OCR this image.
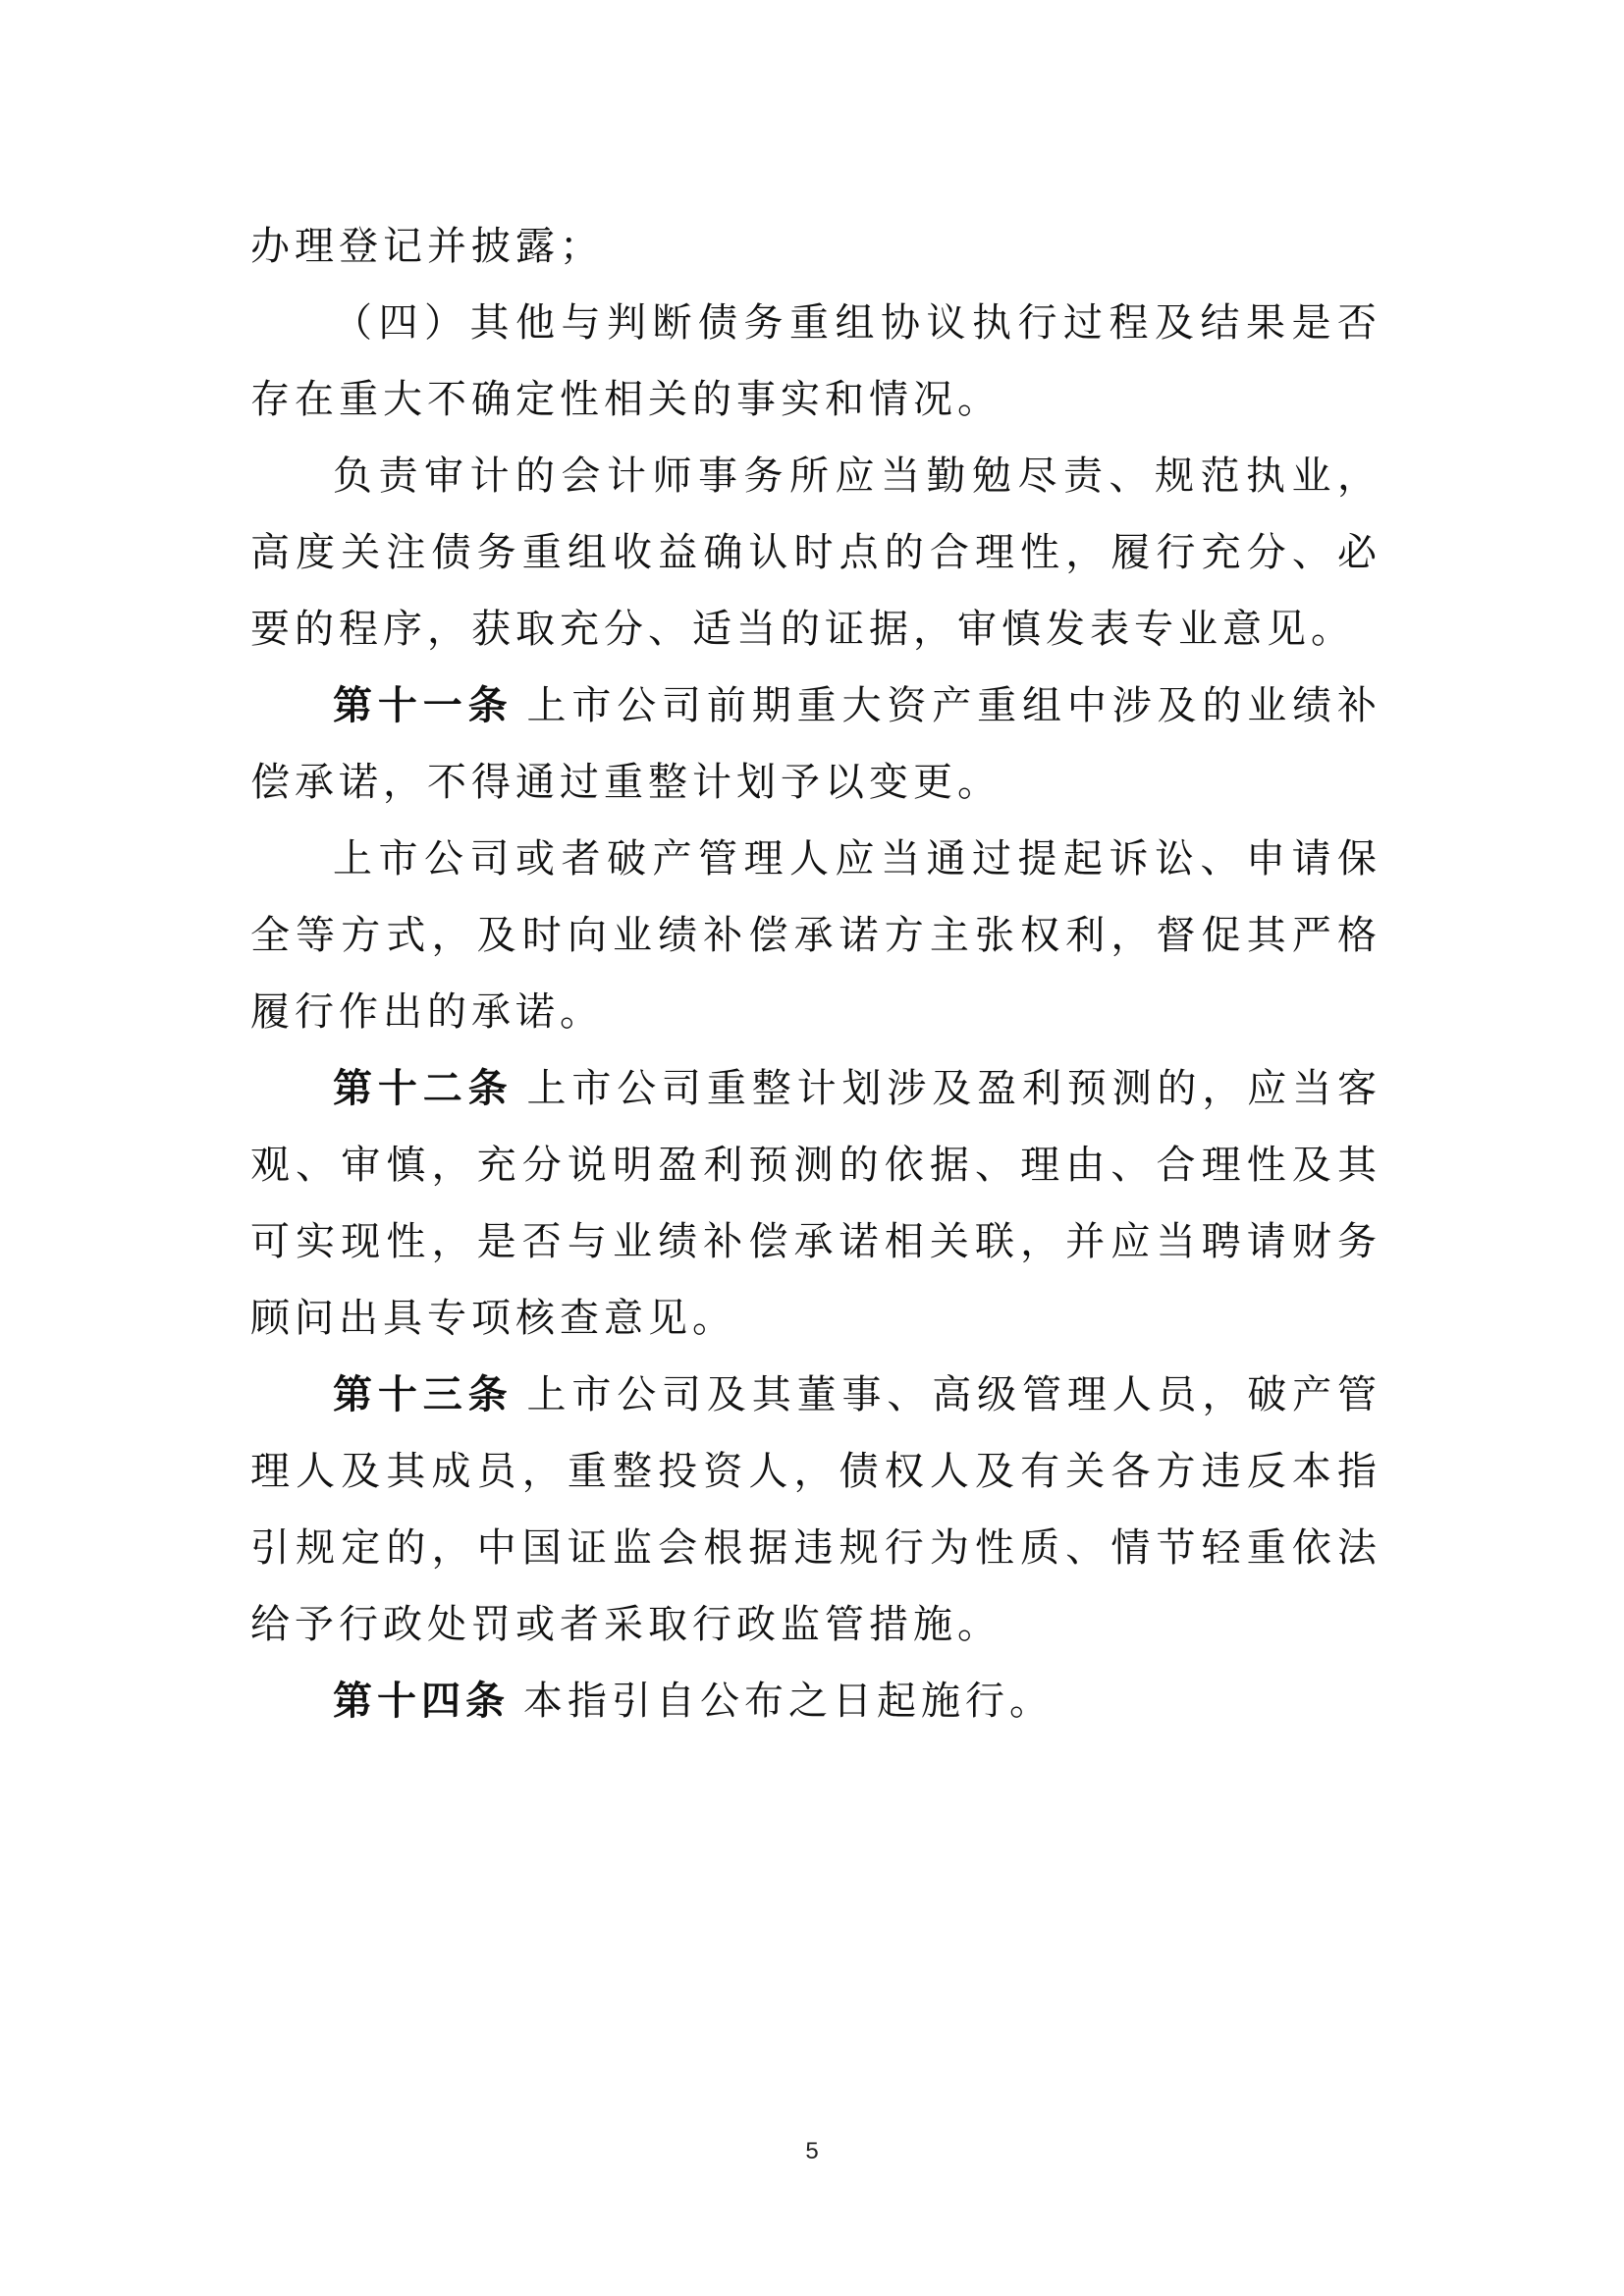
办理登记并披露；

（四）其他与判断债务重组协议执行过程及结果是否存在重大不确定性相关的事实和情况。

负责审计的会计师事务所应当勤勉尽责、规范执业，高度关注债务重组收益确认时点的合理性，履行充分、必要的程序，获取充分、适当的证据，审慎发表专业意见。

第十一条 上市公司前期重大资产重组中涉及的业绩补偿承诺，不得通过重整计划予以变更。

上市公司或者破产管理人应当通过提起诉讼、申请保全等方式，及时向业绩补偿承诺方主张权利，督促其严格履行作出的承诺。

第十二条 上市公司重整计划涉及盈利预测的，应当客观、审慎，充分说明盈利预测的依据、理由、合理性及其可实现性，是否与业绩补偿承诺相关联，并应当聘请财务顾问出具专项核查意见。

第十三条 上市公司及其董事、高级管理人员，破产管理人及其成员，重整投资人，债权人及有关各方违反本指引规定的，中国证监会根据违规行为性质、情节轻重依法给予行政处罚或者采取行政监管措施。

第十四条 本指引自公布之日起施行。

5
